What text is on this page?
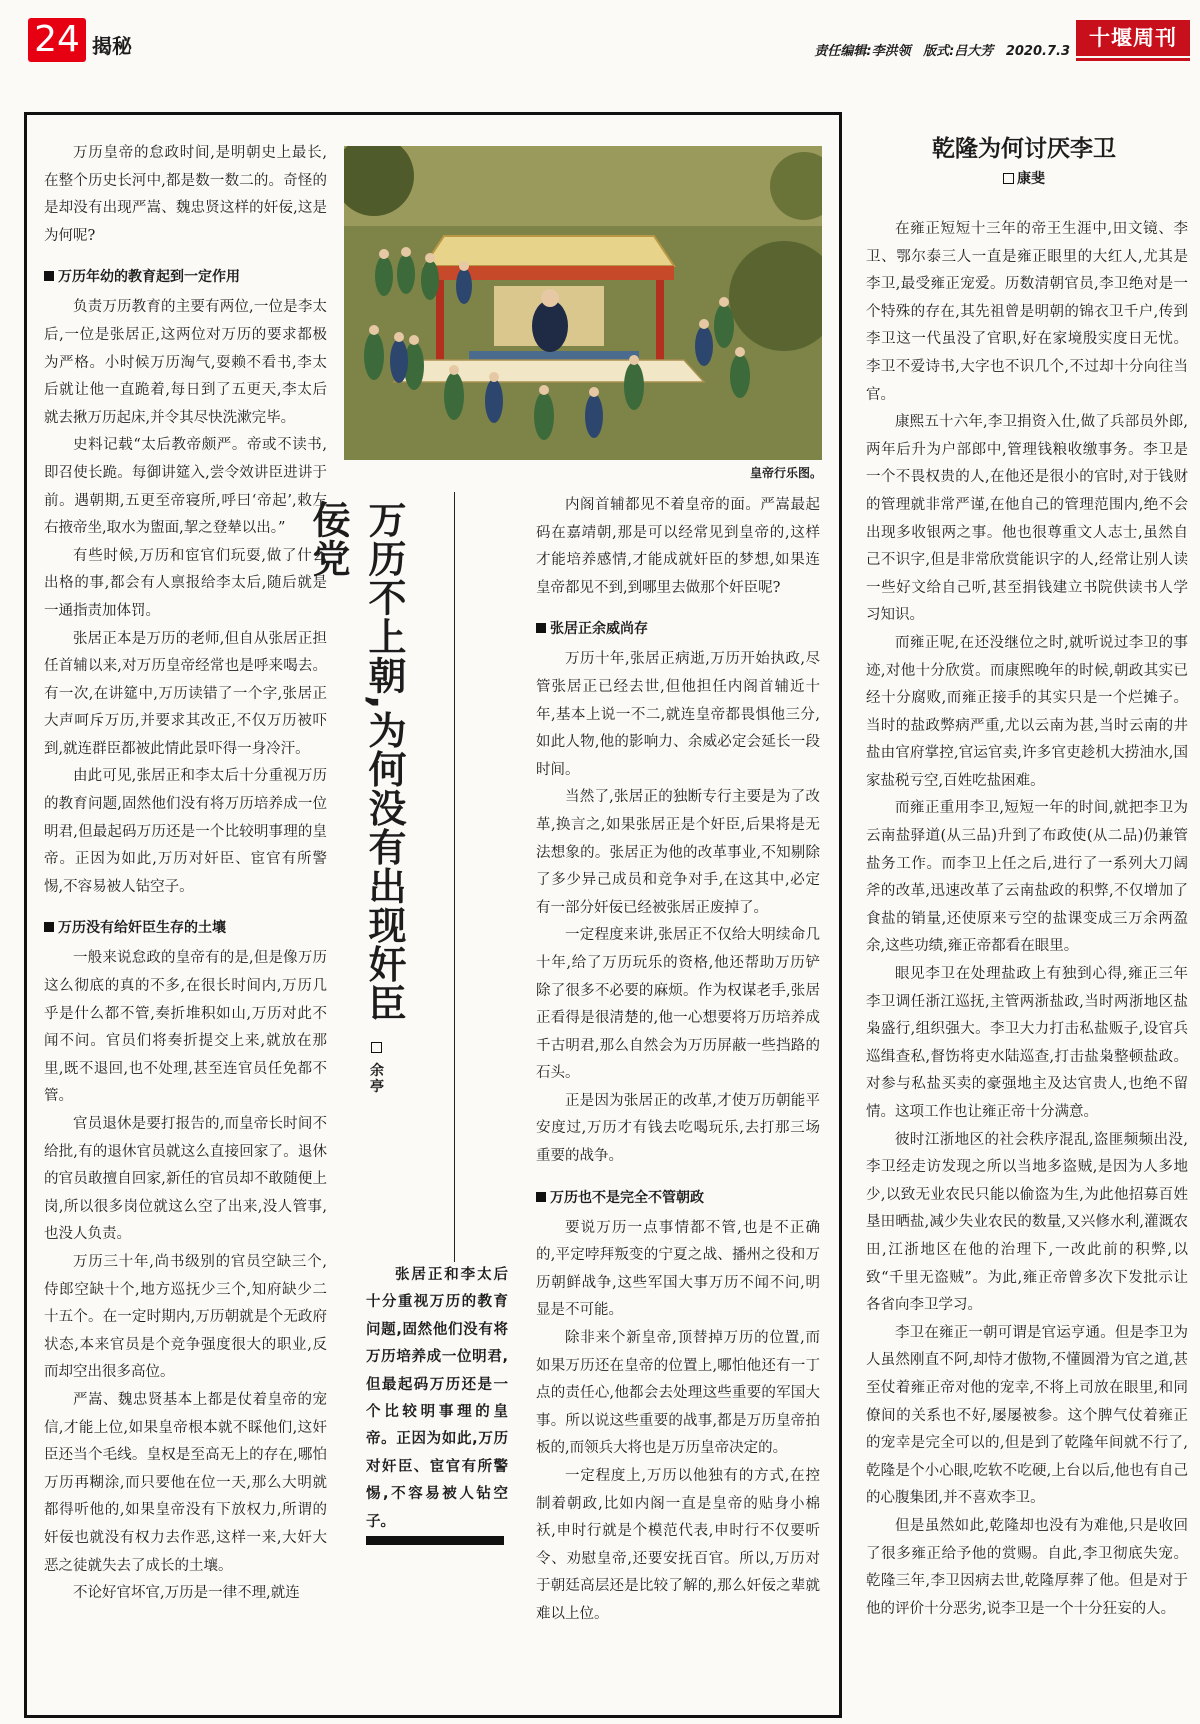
24 揭秘	责任编辑:李洪领 版式:吕大芳 2020.7.3
十堰周刊

万历皇帝的怠政时间,是明朝史上最长,在整个历史长河中,都是数一数二的。奇怪的是却没有出现严嵩、魏忠贤这样的奸佞,这是为何呢?

万历年幼的教育起到一定作用

负责万历教育的主要有两位,一位是李太后,一位是张居正,这两位对万历的要求都极为严格。小时候万历淘气,耍赖不看书,李太后就让他一直跪着,每日到了五更天,李太后就去揪万历起床,并令其尽快洗漱完毕。

史料记载“太后教帝颇严。帝或不读书,即召使长跪。每御讲筵入,尝令效讲臣进讲于前。遇朝期,五更至帝寝所,呼曰‘帝起’,敕左右掖帝坐,取水为盥面,挈之登辇以出。”

有些时候,万历和宦官们玩耍,做了什么出格的事,都会有人禀报给李太后,随后就是一通指责加体罚。

张居正本是万历的老师,但自从张居正担任首辅以来,对万历皇帝经常也是呼来喝去。有一次,在讲筵中,万历读错了一个字,张居正大声呵斥万历,并要求其改正,不仅万历被吓到,就连群臣都被此情此景吓得一身冷汗。

由此可见,张居正和李太后十分重视万历的教育问题,固然他们没有将万历培养成一位明君,但最起码万历还是一个比较明事理的皇帝。正因为如此,万历对奸臣、宦官有所警惕,不容易被人钻空子。

万历没有给奸臣生存的土壤

一般来说怠政的皇帝有的是,但是像万历这么彻底的真的不多,在很长时间内,万历几乎是什么都不管,奏折堆积如山,万历对此不闻不问。官员们将奏折提交上来,就放在那里,既不退回,也不处理,甚至连官员任免都不管。

官员退休是要打报告的,而皇帝长时间不给批,有的退休官员就这么直接回家了。退休的官员敢擅自回家,新任的官员却不敢随便上岗,所以很多岗位就这么空了出来,没人管事,也没人负责。

万历三十年,尚书级别的官员空缺三个,侍郎空缺十个,地方巡抚少三个,知府缺少二十五个。在一定时期内,万历朝就是个无政府状态,本来官员是个竞争强度很大的职业,反而却空出很多高位。

严嵩、魏忠贤基本上都是仗着皇帝的宠信,才能上位,如果皇帝根本就不睬他们,这奸臣还当个毛线。皇权是至高无上的存在,哪怕万历再糊涂,而只要他在位一天,那么大明就都得听他的,如果皇帝没有下放权力,所谓的奸佞也就没有权力去作恶,这样一来,大奸大恶之徒就失去了成长的土壤。

不论好官坏官,万历是一律不理,就连

皇帝行乐图。
万历不上朝,为何没有出现奸臣佞党
余亭
张居正和李太后十分重视万历的教育问题,固然他们没有将万历培养成一位明君,但最起码万历还是一个比较明事理的皇帝。正因为如此,万历对奸臣、宦官有所警惕,不容易被人钻空子。

内阁首辅都见不着皇帝的面。严嵩最起码在嘉靖朝,那是可以经常见到皇帝的,这样才能培养感情,才能成就奸臣的梦想,如果连皇帝都见不到,到哪里去做那个奸臣呢?

张居正余威尚存

万历十年,张居正病逝,万历开始执政,尽管张居正已经去世,但他担任内阁首辅近十年,基本上说一不二,就连皇帝都畏惧他三分,如此人物,他的影响力、余威必定会延长一段时间。

当然了,张居正的独断专行主要是为了改革,换言之,如果张居正是个奸臣,后果将是无法想象的。张居正为他的改革事业,不知剔除了多少异己成员和竞争对手,在这其中,必定有一部分奸佞已经被张居正废掉了。

一定程度来讲,张居正不仅给大明续命几十年,给了万历玩乐的资格,他还帮助万历铲除了很多不必要的麻烦。作为权谋老手,张居正看得是很清楚的,他一心想要将万历培养成千古明君,那么自然会为万历屏蔽一些挡路的石头。

正是因为张居正的改革,才使万历朝能平安度过,万历才有钱去吃喝玩乐,去打那三场重要的战争。

万历也不是完全不管朝政

要说万历一点事情都不管,也是不正确的,平定哱拜叛变的宁夏之战、播州之役和万历朝鲜战争,这些军国大事万历不闻不问,明显是不可能。

除非来个新皇帝,顶替掉万历的位置,而如果万历还在皇帝的位置上,哪怕他还有一丁点的责任心,他都会去处理这些重要的军国大事。所以说这些重要的战事,都是万历皇帝拍板的,而领兵大将也是万历皇帝决定的。

一定程度上,万历以他独有的方式,在控制着朝政,比如内阁一直是皇帝的贴身小棉袄,申时行就是个模范代表,申时行不仅要听令、劝慰皇帝,还要安抚百官。所以,万历对于朝廷高层还是比较了解的,那么奸佞之辈就难以上位。

乾隆为何讨厌李卫
康斐

在雍正短短十三年的帝王生涯中,田文镜、李卫、鄂尔泰三人一直是雍正眼里的大红人,尤其是李卫,最受雍正宠爱。历数清朝官员,李卫绝对是一个特殊的存在,其先祖曾是明朝的锦衣卫千户,传到李卫这一代虽没了官职,好在家境殷实度日无忧。李卫不爱诗书,大字也不识几个,不过却十分向往当官。

康熙五十六年,李卫捐资入仕,做了兵部员外郎,两年后升为户部郎中,管理钱粮收缴事务。李卫是一个不畏权贵的人,在他还是很小的官时,对于钱财的管理就非常严谨,在他自己的管理范围内,绝不会出现多收银两之事。他也很尊重文人志士,虽然自己不识字,但是非常欣赏能识字的人,经常让别人读一些好文给自己听,甚至捐钱建立书院供读书人学习知识。

而雍正呢,在还没继位之时,就听说过李卫的事迹,对他十分欣赏。而康熙晚年的时候,朝政其实已经十分腐败,而雍正接手的其实只是一个烂摊子。当时的盐政弊病严重,尤以云南为甚,当时云南的井盐由官府掌控,官运官卖,许多官吏趁机大捞油水,国家盐税亏空,百姓吃盐困难。

而雍正重用李卫,短短一年的时间,就把李卫为云南盐驿道(从三品)升到了布政使(从二品)仍兼管盐务工作。而李卫上任之后,进行了一系列大刀阔斧的改革,迅速改革了云南盐政的积弊,不仅增加了食盐的销量,还使原来亏空的盐课变成三万余两盈余,这些功绩,雍正帝都看在眼里。

眼见李卫在处理盐政上有独到心得,雍正三年李卫调任浙江巡抚,主管两浙盐政,当时两浙地区盐枭盛行,组织强大。李卫大力打击私盐贩子,设官兵巡缉查私,督饬将吏水陆巡查,打击盐枭整顿盐政。对参与私盐买卖的豪强地主及达官贵人,也绝不留情。这项工作也让雍正帝十分满意。

彼时江浙地区的社会秩序混乱,盗匪频频出没,李卫经走访发现之所以当地多盗贼,是因为人多地少,以致无业农民只能以偷盗为生,为此他招募百姓垦田晒盐,减少失业农民的数量,又兴修水利,灌溉农田,江浙地区在他的治理下,一改此前的积弊,以致“千里无盗贼”。为此,雍正帝曾多次下发批示让各省向李卫学习。

李卫在雍正一朝可谓是官运亨通。但是李卫为人虽然刚直不阿,却恃才傲物,不懂圆滑为官之道,甚至仗着雍正帝对他的宠幸,不将上司放在眼里,和同僚间的关系也不好,屡屡被参。这个脾气仗着雍正的宠幸是完全可以的,但是到了乾隆年间就不行了,乾隆是个小心眼,吃软不吃硬,上台以后,他也有自己的心腹集团,并不喜欢李卫。

但是虽然如此,乾隆却也没有为难他,只是收回了很多雍正给予他的赏赐。自此,李卫彻底失宠。乾隆三年,李卫因病去世,乾隆厚葬了他。但是对于他的评价十分恶劣,说李卫是一个十分狂妄的人。
